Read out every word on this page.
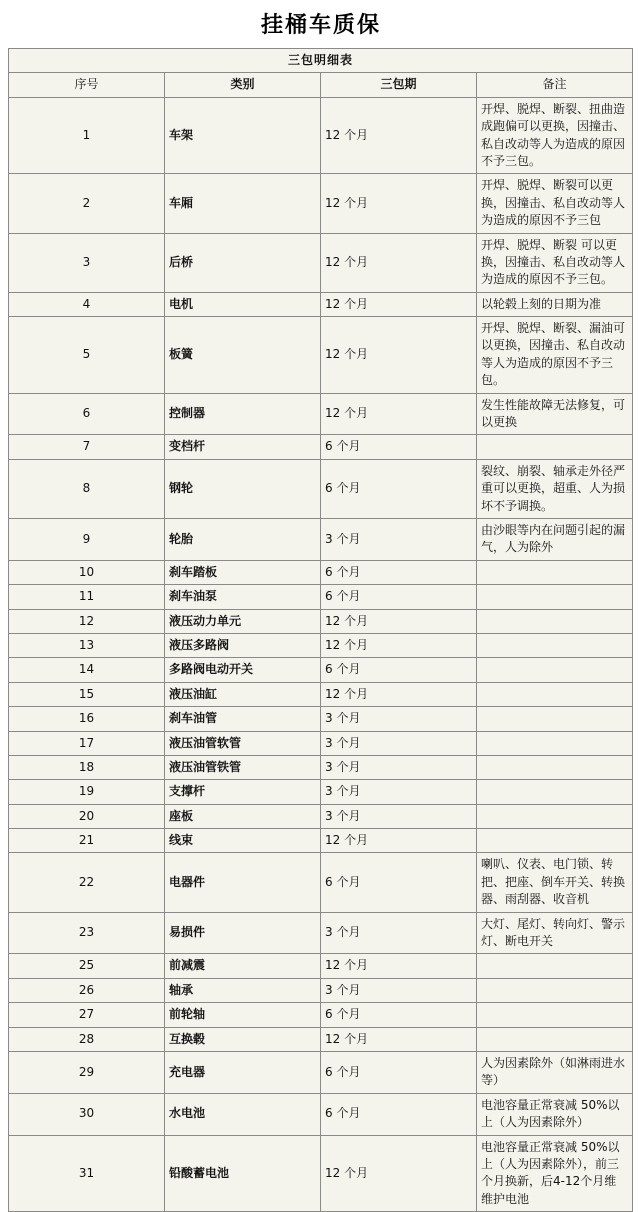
挂桶车质保
三包明细表			
序号	类别	三包期	备注
1	车架	12 个月	开焊、脱焊、断裂、扭曲造成跑偏可以更换，因撞击、私自改动等人为造成的原因不予三包。
2	车厢	12 个月	开焊、脱焊、断裂可以更换，因撞击、私自改动等人为造成的原因不予三包
3	后桥	12 个月	开焊、脱焊、断裂 可以更换，因撞击、私自改动等人为造成的原因不予三包。
4	电机	12 个月	以轮毂上刻的日期为准
5	板簧	12 个月	开焊、脱焊、断裂、漏油可以更换，因撞击、私自改动等人为造成的原因不予三包。
6	控制器	12 个月	发生性能故障无法修复，可以更换
7	变档杆	6 个月	
8	钢轮	6 个月	裂纹、崩裂、轴承走外径严重可以更换，超重、人为损坏不予调换。
9	轮胎	3 个月	由沙眼等内在问题引起的漏气，人为除外
10	刹车踏板	6 个月	
11	刹车油泵	6 个月	
12	液压动力单元	12 个月	
13	液压多路阀	12 个月	
14	多路阀电动开关	6 个月	
15	液压油缸	12 个月	
16	刹车油管	3 个月	
17	液压油管软管	3 个月	
18	液压油管铁管	3 个月	
19	支撑杆	3 个月	
20	座板	3 个月	
21	线束	12 个月	
22	电器件	6 个月	喇叭、仪表、电门锁、转把、把座、倒车开关、转换器、雨刮器、收音机
23	易损件	3 个月	大灯、尾灯、转向灯、警示灯、断电开关
25	前减震	12 个月	
26	轴承	3 个月	
27	前轮轴	6 个月	
28	互换毂	12 个月	
29	充电器	6 个月	人为因素除外（如淋雨进水等）
30	水电池	6 个月	电池容量正常衰减 50%以上（人为因素除外）
31	铅酸蓄电池	12 个月	电池容量正常衰减 50%以上（人为因素除外），前三个月换新，后4-12个月维维护电池
